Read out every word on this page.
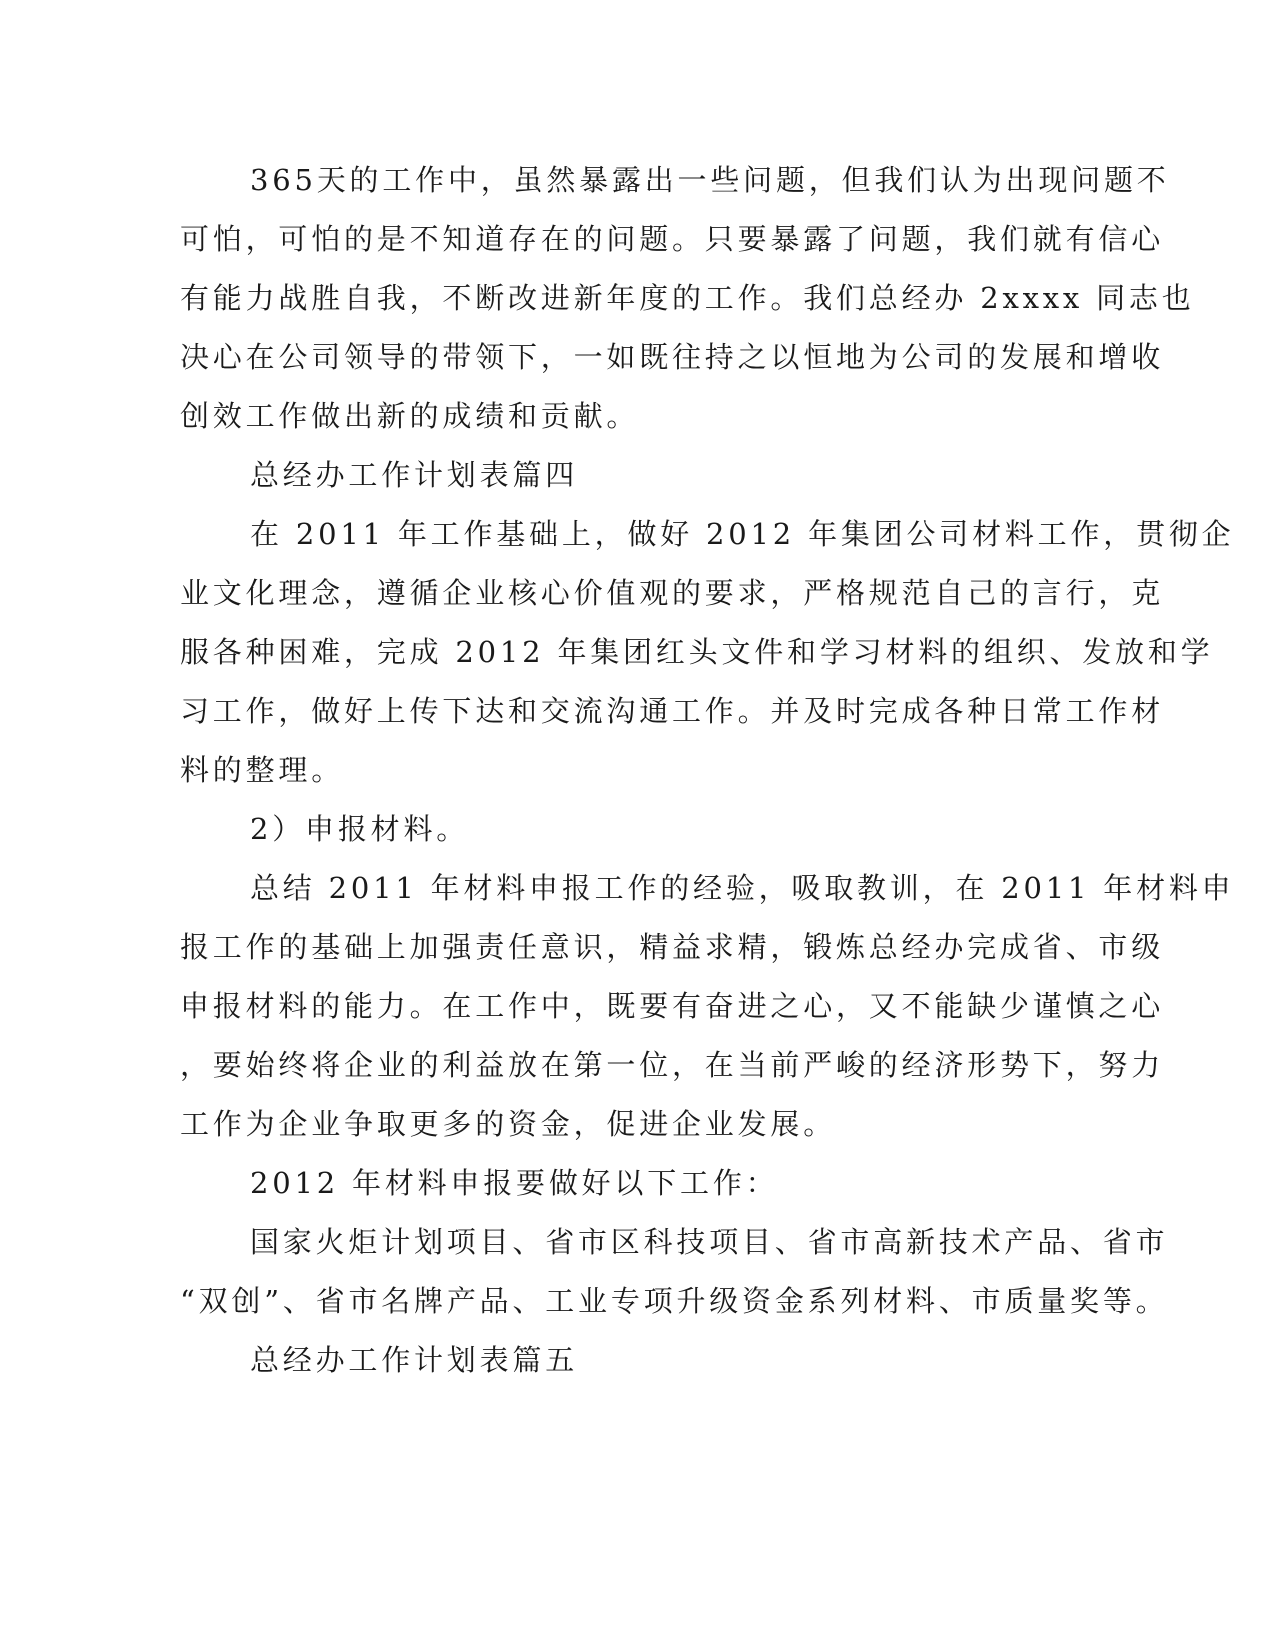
365天的工作中，虽然暴露出一些问题，但我们认为出现问题不
可怕，可怕的是不知道存在的问题。只要暴露了问题，我们就有信心
有能力战胜自我，不断改进新年度的工作。我们总经办 2xxxx 同志也
决心在公司领导的带领下，一如既往持之以恒地为公司的发展和增收
创效工作做出新的成绩和贡献。
总经办工作计划表篇四
在 2011 年工作基础上，做好 2012 年集团公司材料工作，贯彻企
业文化理念，遵循企业核心价值观的要求，严格规范自己的言行，克
服各种困难，完成 2012 年集团红头文件和学习材料的组织、发放和学
习工作，做好上传下达和交流沟通工作。并及时完成各种日常工作材
料的整理。
2）申报材料。
总结 2011 年材料申报工作的经验，吸取教训，在 2011 年材料申
报工作的基础上加强责任意识，精益求精，锻炼总经办完成省、市级
申报材料的能力。在工作中，既要有奋进之心，又不能缺少谨慎之心
，要始终将企业的利益放在第一位，在当前严峻的经济形势下，努力
工作为企业争取更多的资金，促进企业发展。
2012 年材料申报要做好以下工作：
国家火炬计划项目、省市区科技项目、省市高新技术产品、省市
“双创”、省市名牌产品、工业专项升级资金系列材料、市质量奖等。
总经办工作计划表篇五
